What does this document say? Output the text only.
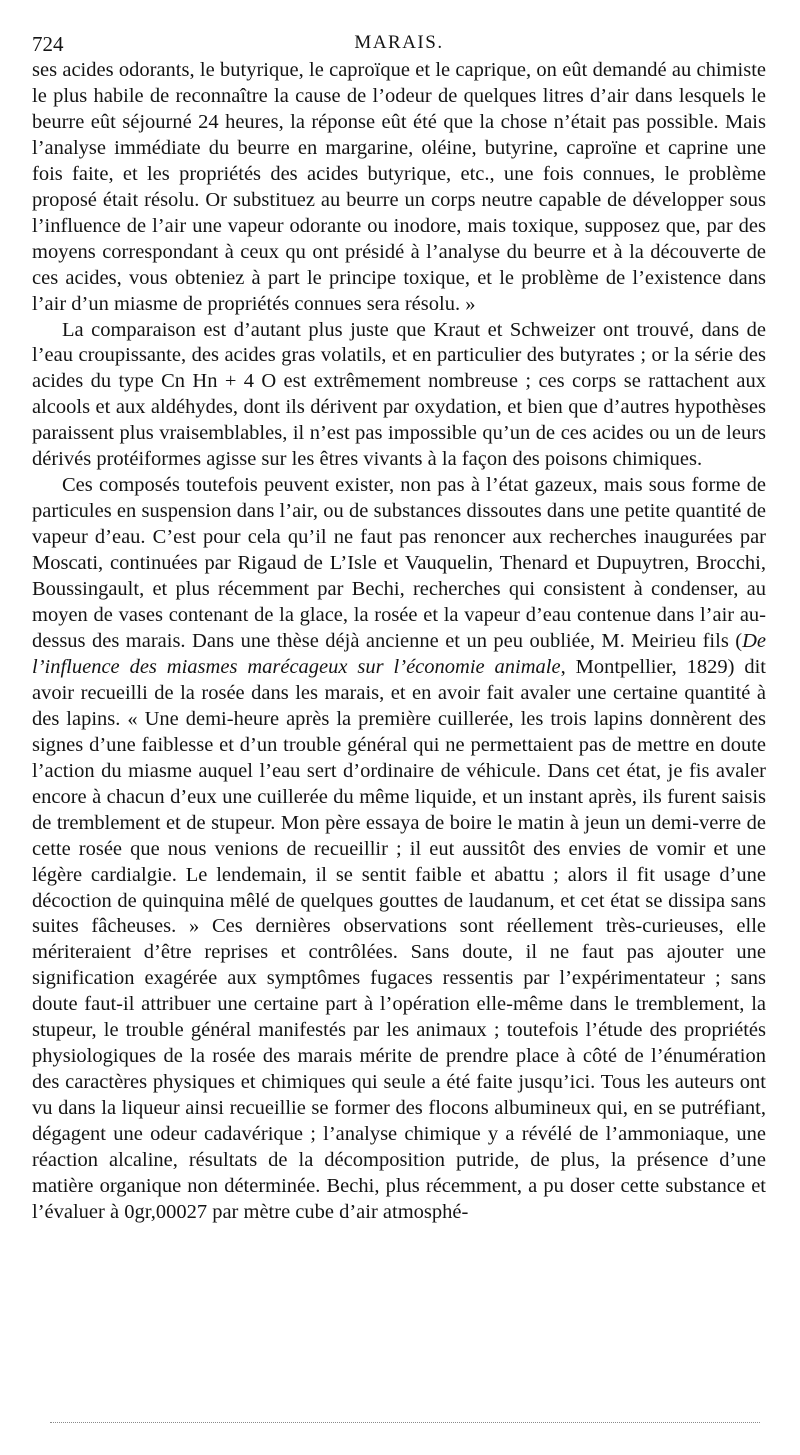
724	MARAIS.

ses acides odorants, le butyrique, le caproïque et le caprique, on eût demandé au chimiste le plus habile de reconnaître la cause de l’odeur de quelques litres d’air dans lesquels le beurre eût séjourné 24 heures, la réponse eût été que la chose n’était pas possible. Mais l’analyse immédiate du beurre en margarine, oléine, butyrine, caproïne et caprine une fois faite, et les propriétés des acides butyrique, etc., une fois connues, le problème proposé était résolu. Or substituez au beurre un corps neutre capable de développer sous l’influence de l’air une vapeur odorante ou inodore, mais toxique, supposez que, par des moyens correspondant à ceux qu ont présidé à l’analyse du beurre et à la découverte de ces acides, vous obteniez à part le principe toxique, et le problème de l’existence dans l’air d’un miasme de propriétés connues sera résolu. »

La comparaison est d’autant plus juste que Kraut et Schweizer ont trouvé, dans de l’eau croupissante, des acides gras volatils, et en particulier des butyrates ; or la série des acides du type Cn Hn + 4 O est extrêmement nombreuse ; ces corps se rattachent aux alcools et aux aldéhydes, dont ils dérivent par oxydation, et bien que d’autres hypothèses paraissent plus vraisemblables, il n’est pas impossible qu’un de ces acides ou un de leurs dérivés protéiformes agisse sur les êtres vivants à la façon des poisons chimiques.

Ces composés toutefois peuvent exister, non pas à l’état gazeux, mais sous forme de particules en suspension dans l’air, ou de substances dissoutes dans une petite quantité de vapeur d’eau. C’est pour cela qu’il ne faut pas renoncer aux recherches inaugurées par Moscati, continuées par Rigaud de L’Isle et Vauquelin, Thenard et Dupuytren, Brocchi, Boussingault, et plus récemment par Bechi, recherches qui consistent à condenser, au moyen de vases contenant de la glace, la rosée et la vapeur d’eau contenue dans l’air au-dessus des marais. Dans une thèse déjà ancienne et un peu oubliée, M. Meirieu fils (De l’influence des miasmes marécageux sur l’économie animale, Montpellier, 1829) dit avoir recueilli de la rosée dans les marais, et en avoir fait avaler une certaine quantité à des lapins. « Une demi-heure après la première cuillerée, les trois lapins donnèrent des signes d’une faiblesse et d’un trouble général qui ne permettaient pas de mettre en doute l’action du miasme auquel l’eau sert d’ordinaire de véhicule. Dans cet état, je fis avaler encore à chacun d’eux une cuillerée du même liquide, et un instant après, ils furent saisis de tremblement et de stupeur. Mon père essaya de boire le matin à jeun un demi-verre de cette rosée que nous venions de recueillir ; il eut aussitôt des envies de vomir et une légère cardialgie. Le lendemain, il se sentit faible et abattu ; alors il fit usage d’une décoction de quinquina mêlé de quelques gouttes de laudanum, et cet état se dissipa sans suites fâcheuses. » Ces dernières observations sont réellement très-curieuses, elle mériteraient d’être reprises et contrôlées. Sans doute, il ne faut pas ajouter une signification exagérée aux symptômes fugaces ressentis par l’expérimentateur ; sans doute faut-il attribuer une certaine part à l’opération elle-même dans le tremblement, la stupeur, le trouble général manifestés par les animaux ; toutefois l’étude des propriétés physiologiques de la rosée des marais mérite de prendre place à côté de l’énumération des caractères physiques et chimiques qui seule a été faite jusqu’ici. Tous les auteurs ont vu dans la liqueur ainsi recueillie se former des flocons albumineux qui, en se putréfiant, dégagent une odeur cadavérique ; l’analyse chimique y a révélé de l’ammoniaque, une réaction alcaline, résultats de la décomposition putride, de plus, la présence d’une matière organique non déterminée. Bechi, plus récemment, a pu doser cette substance et l’évaluer à 0gr,00027 par mètre cube d’air atmosphé-
